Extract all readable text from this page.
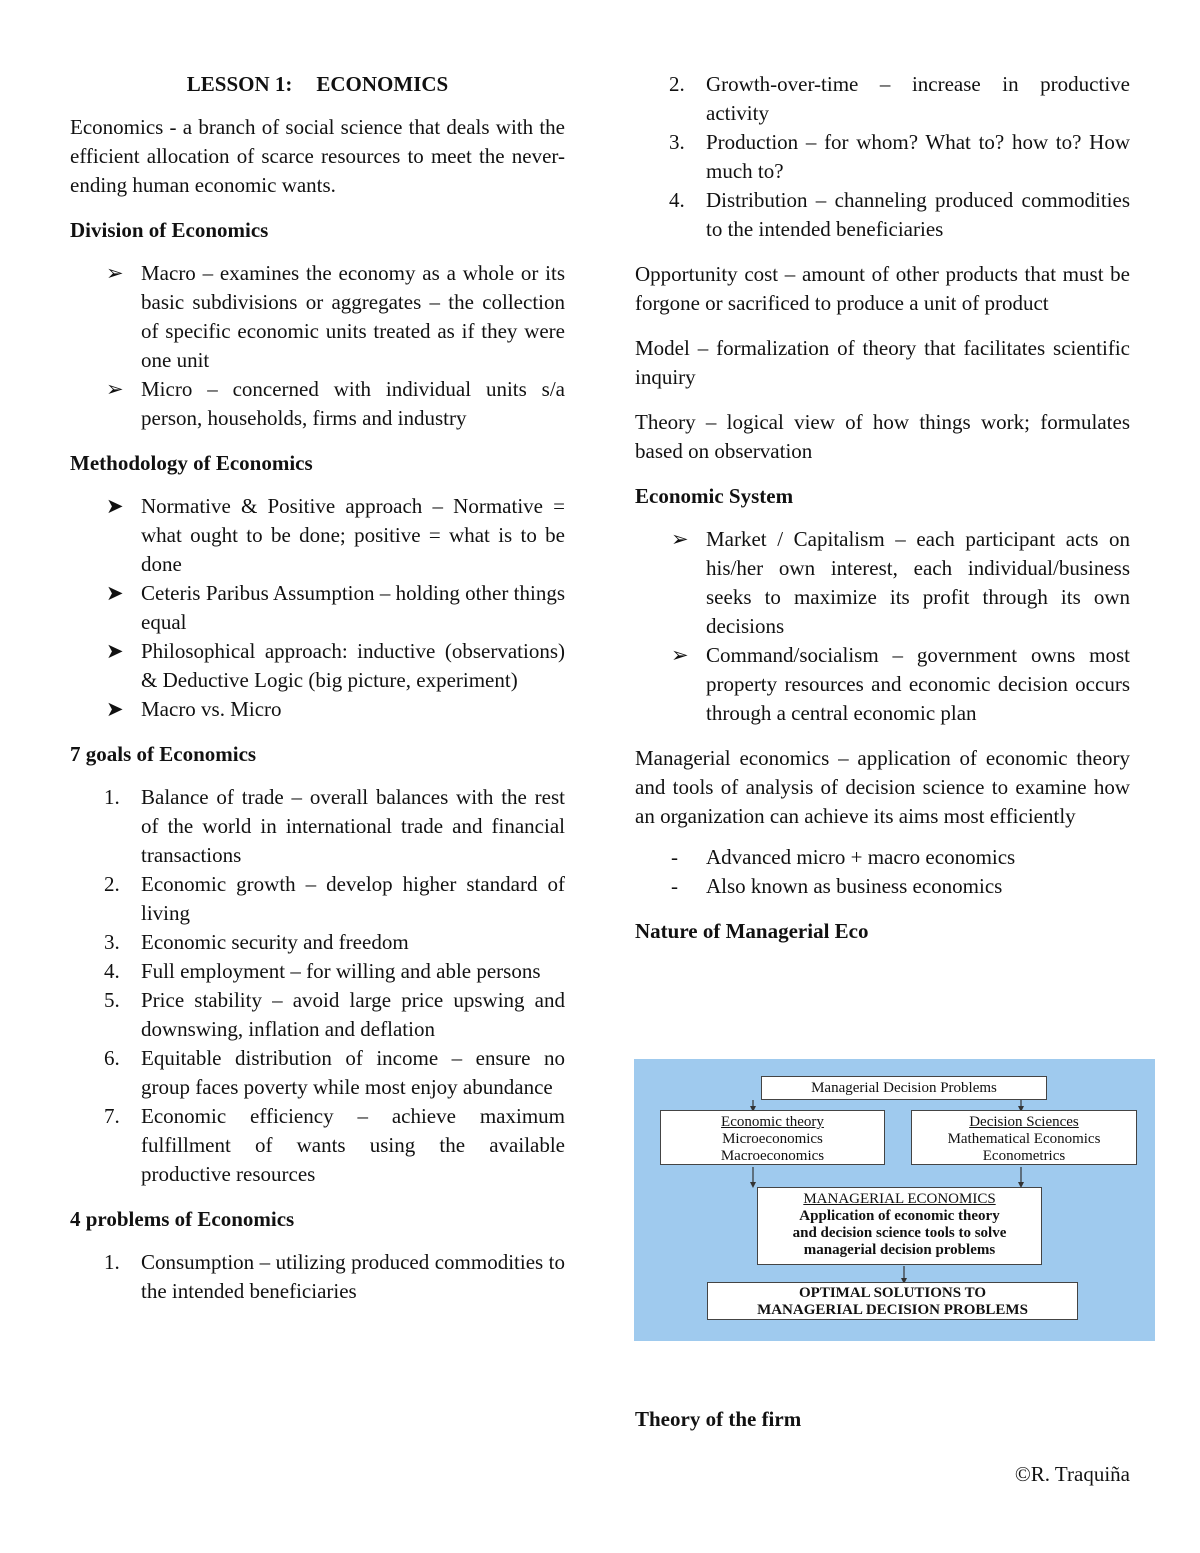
LESSON 1: ECONOMICS

Economics - a branch of social science that deals with the efficient allocation of scarce resources to meet the never-ending human economic wants.

Division of Economics
➢ Macro – examines the economy as a whole or its basic subdivisions or aggregates – the collection of specific economic units treated as if they were one unit
➢ Micro – concerned with individual units s/a person, households, firms and industry
Methodology of Economics
➤ Normative & Positive approach – Normative = what ought to be done; positive = what is to be done
➤ Ceteris Paribus Assumption – holding other things equal
➤ Philosophical approach: inductive (observations) & Deductive Logic (big picture, experiment)
➤ Macro vs. Micro
7 goals of Economics
1. Balance of trade – overall balances with the rest of the world in international trade and financial transactions
2. Economic growth – develop higher standard of living
3. Economic security and freedom
4. Full employment – for willing and able persons
5. Price stability – avoid large price upswing and downswing, inflation and deflation
6. Equitable distribution of income – ensure no group faces poverty while most enjoy abundance
7. Economic efficiency – achieve maximum fulfillment of wants using the available productive resources
4 problems of Economics
1. Consumption – utilizing produced commodities to the intended beneficiaries
2. Growth-over-time – increase in productive activity
3. Production – for whom? What to? how to? How much to?
4. Distribution – channeling produced commodities to the intended beneficiaries

Opportunity cost – amount of other products that must be forgone or sacrificed to produce a unit of product

Model – formalization of theory that facilitates scientific inquiry

Theory – logical view of how things work; formulates based on observation

Economic System
➢ Market / Capitalism – each participant acts on his/her own interest, each individual/business seeks to maximize its profit through its own decisions
➢ Command/socialism – government owns most property resources and economic decision occurs through a central economic plan

Managerial economics – application of economic theory and tools of analysis of decision science to examine how an organization can achieve its aims most efficiently

- Advanced micro + macro economics
- Also known as business economics
Nature of Managerial Eco
Managerial Decision Problems
Economic theory
Microeconomics
Macroeconomics
Decision Sciences
Mathematical Economics
Econometrics
MANAGERIAL ECONOMICS
Application of economic theory
and decision science tools to solve
managerial decision problems
OPTIMAL SOLUTIONS TO
MANAGERIAL DECISION PROBLEMS
Theory of the firm
©R. Traquiña
